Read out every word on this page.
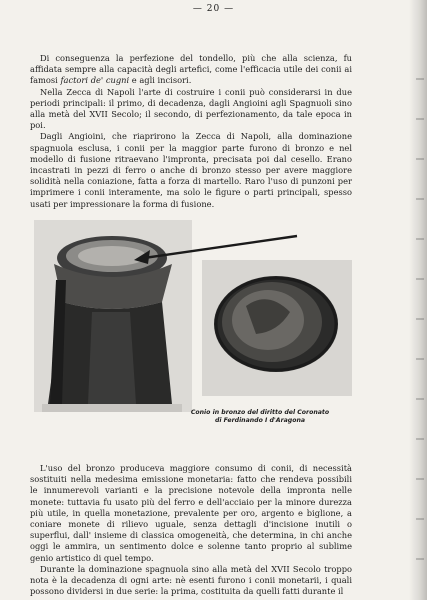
— 20 —

Di conseguenza la perfezione del tondello, più che alla scienza, fu affidata sempre alla capacità degli artefici, come l'efficacia utile dei conii ai famosi factori de' cugni e agli incisori.

Nella Zecca di Napoli l'arte di costruire i conii può considerarsi in due periodi principali: il primo, di decadenza, dagli Angioini agli Spagnuoli sino alla metà del XVII Secolo; il secondo, di perfezionamento, da tale epoca in poi.

Dagli Angioini, che riaprirono la Zecca di Napoli, alla dominazione spagnuola esclusa, i conii per la maggior parte furono di bronzo e nel modello di fusione ritraevano l'impronta, precisata poi dal cesello. Erano incastrati in pezzi di ferro o anche di bronzo stesso per avere maggiore solidità nella coniazione, fatta a forza di martello. Raro l'uso di punzoni per imprimere i conii interamente, ma solo le figure o parti principali, spesso usati per impressionare la forma di fusione.

Conio in bronzo del diritto del Coronato
di Ferdinando I d'Aragona

L'uso del bronzo produceva maggiore consumo di conii, di necessità sostituiti nella medesima emissione monetaria: fatto che rendeva possibili le innumerevoli varianti e la precisione notevole della impronta nelle monete: tuttavia fu usato più del ferro e dell'acciaio per la minore durezza più utile, in quella monetazione, prevalente per oro, argento e biglione, a coniare monete di rilievo uguale, senza dettagli d'incisione inutili o superflui, dall' insieme di classica omogeneità, che determina, in chi anche oggi le ammira, un sentimento dolce e solenne tanto proprio al sublime genio artistico di quel tempo.

Durante la dominazione spagnuola sino alla metà del XVII Secolo troppo nota è la decadenza di ogni arte: nè esenti furono i conii monetarii, i quali possono dividersi in due serie: la prima, costituita da quelli fatti durante il
